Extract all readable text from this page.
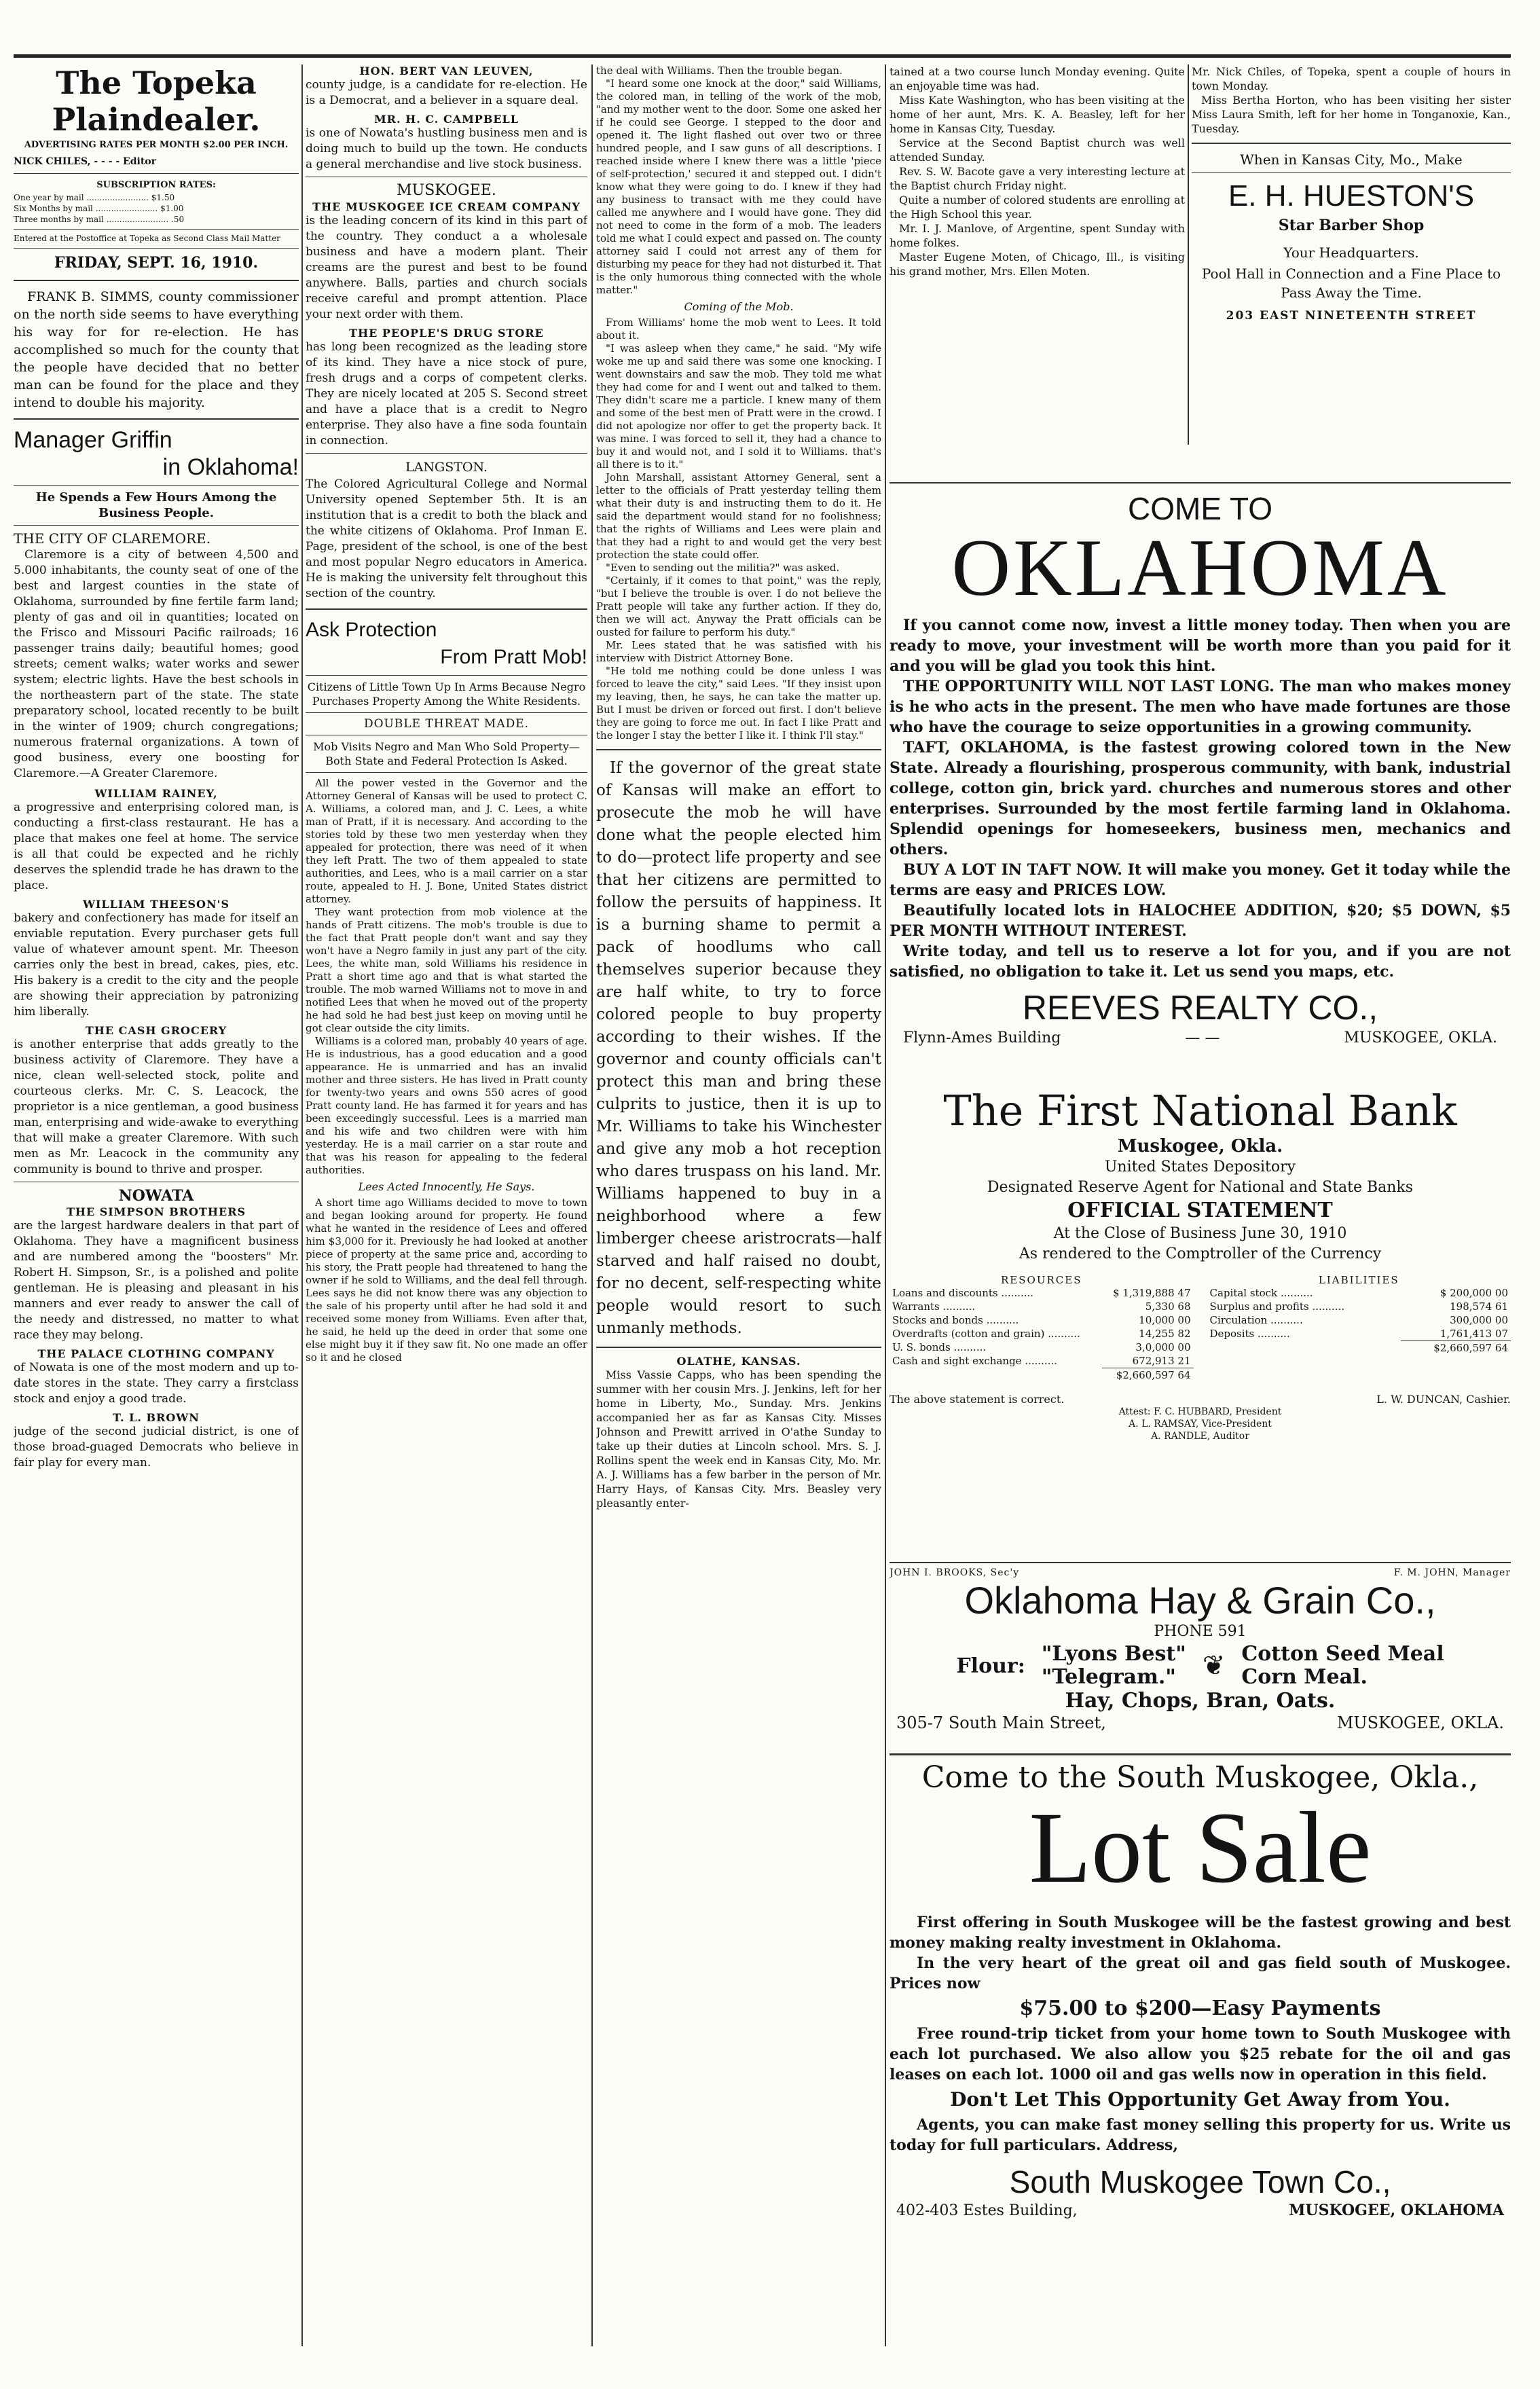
The Topeka Plaindealer.

ADVERTISING RATES PER MONTH $2.00 PER INCH.

NICK CHILES, - - - - Editor

SUBSCRIPTION RATES:

One year by mail ........................ $1.50

Six Months by mail ........................ $1.00

Three months by mail ........................ .50

Entered at the Postoffice at Topeka as Second Class Mail Matter

FRIDAY, SEPT. 16, 1910.

FRANK B. SIMMS, county commissioner on the north side seems to have everything his way for for re-election. He has accomplished so much for the county that the people have decided that no better man can be found for the place and they intend to double his majority.

Manager Griffin

in Oklahoma!

He Spends a Few Hours Among the Business People.

THE CITY OF CLAREMORE.

Claremore is a city of between 4,500 and 5.000 inhabitants, the county seat of one of the best and largest counties in the state of Oklahoma, surrounded by fine fertile farm land; plenty of gas and oil in quantities; located on the Frisco and Missouri Pacific railroads; 16 passenger trains daily; beautiful homes; good streets; cement walks; water works and sewer system; electric lights. Have the best schools in the northeastern part of the state. The state preparatory school, located recently to be built in the winter of 1909; church congregations; numerous fraternal organizations. A town of good business, every one boosting for Claremore.—A Greater Claremore.

WILLIAM RAINEY,

a progressive and enterprising colored man, is conducting a first-class restaurant. He has a place that makes one feel at home. The service is all that could be expected and he richly deserves the splendid trade he has drawn to the place.

WILLIAM THEESON'S

bakery and confectionery has made for itself an enviable reputation. Every purchaser gets full value of whatever amount spent. Mr. Theeson carries only the best in bread, cakes, pies, etc. His bakery is a credit to the city and the people are showing their appreciation by patronizing him liberally.

THE CASH GROCERY

is another enterprise that adds greatly to the business activity of Claremore. They have a nice, clean well-selected stock, polite and courteous clerks. Mr. C. S. Leacock, the proprietor is a nice gentleman, a good business man, enterprising and wide-awake to everything that will make a greater Claremore. With such men as Mr. Leacock in the community any community is bound to thrive and prosper.

NOWATA

THE SIMPSON BROTHERS

are the largest hardware dealers in that part of Oklahoma. They have a magnificent business and are numbered among the "boosters" Mr. Robert H. Simpson, Sr., is a polished and polite gentleman. He is pleasing and pleasant in his manners and ever ready to answer the call of the needy and distressed, no matter to what race they may belong.

THE PALACE CLOTHING COMPANY

of Nowata is one of the most modern and up to-date stores in the state. They carry a firstclass stock and enjoy a good trade.

T. L. BROWN

judge of the second judicial district, is one of those broad-guaged Democrats who believe in fair play for every man.

HON. BERT VAN LEUVEN,

county judge, is a candidate for re-election. He is a Democrat, and a believer in a square deal.

MR. H. C. CAMPBELL

is one of Nowata's hustling business men and is doing much to build up the town. He conducts a general merchandise and live stock business.

MUSKOGEE.

THE MUSKOGEE ICE CREAM COMPANY

is the leading concern of its kind in this part of the country. They conduct a a wholesale business and have a modern plant. Their creams are the purest and best to be found anywhere. Balls, parties and church socials receive careful and prompt attention. Place your next order with them.

THE PEOPLE'S DRUG STORE

has long been recognized as the leading store of its kind. They have a nice stock of pure, fresh drugs and a corps of competent clerks. They are nicely located at 205 S. Second street and have a place that is a credit to Negro enterprise. They also have a fine soda fountain in connection.

LANGSTON.

The Colored Agricultural College and Normal University opened September 5th. It is an institution that is a credit to both the black and the white citizens of Oklahoma. Prof Inman E. Page, president of the school, is one of the best and most popular Negro educators in America. He is making the university felt throughout this section of the country.

Ask Protection

From Pratt Mob!

Citizens of Little Town Up In Arms Because Negro Purchases Property Among the White Residents.

DOUBLE THREAT MADE.

Mob Visits Negro and Man Who Sold Property— Both State and Federal Protection Is Asked.

All the power vested in the Governor and the Attorney General of Kansas will be used to protect C. A. Williams, a colored man, and J. C. Lees, a white man of Pratt, if it is necessary. And according to the stories told by these two men yesterday when they appealed for protection, there was need of it when they left Pratt. The two of them appealed to state authorities, and Lees, who is a mail carrier on a star route, appealed to H. J. Bone, United States district attorney.

They want protection from mob violence at the hands of Pratt citizens. The mob's trouble is due to the fact that Pratt people don't want and say they won't have a Negro family in just any part of the city. Lees, the white man, sold Williams his residence in Pratt a short time ago and that is what started the trouble. The mob warned Williams not to move in and notified Lees that when he moved out of the property he had sold he had best just keep on moving until he got clear outside the city limits.

Williams is a colored man, probably 40 years of age. He is industrious, has a good education and a good appearance. He is unmarried and has an invalid mother and three sisters. He has lived in Pratt county for twenty-two years and owns 550 acres of good Pratt county land. He has farmed it for years and has been exceedingly successful. Lees is a married man and his wife and two children were with him yesterday. He is a mail carrier on a star route and that was his reason for appealing to the federal authorities.

Lees Acted Innocently, He Says.

A short time ago Williams decided to move to town and began looking around for property. He found what he wanted in the residence of Lees and offered him $3,000 for it. Previously he had looked at another piece of property at the same price and, according to his story, the Pratt people had threatened to hang the owner if he sold to Williams, and the deal fell through. Lees says he did not know there was any objection to the sale of his property until after he had sold it and received some money from Williams. Even after that, he said, he held up the deed in order that some one else might buy it if they saw fit. No one made an offer so it and he closed

the deal with Williams. Then the trouble began.

"I heard some one knock at the door," said Williams, the colored man, in telling of the work of the mob, "and my mother went to the door. Some one asked her if he could see George. I stepped to the door and opened it. The light flashed out over two or three hundred people, and I saw guns of all descriptions. I reached inside where I knew there was a little 'piece of self-protection,' secured it and stepped out. I didn't know what they were going to do. I knew if they had any business to transact with me they could have called me anywhere and I would have gone. They did not need to come in the form of a mob. The leaders told me what I could expect and passed on. The county attorney said I could not arrest any of them for disturbing my peace for they had not disturbed it. That is the only humorous thing connected with the whole matter."

Coming of the Mob.

From Williams' home the mob went to Lees. It told about it.

"I was asleep when they came," he said. "My wife woke me up and said there was some one knocking. I went downstairs and saw the mob. They told me what they had come for and I went out and talked to them. They didn't scare me a particle. I knew many of them and some of the best men of Pratt were in the crowd. I did not apologize nor offer to get the property back. It was mine. I was forced to sell it, they had a chance to buy it and would not, and I sold it to Williams. that's all there is to it."

John Marshall, assistant Attorney General, sent a letter to the officials of Pratt yesterday telling them what their duty is and instructing them to do it. He said the department would stand for no foolishness; that the rights of Williams and Lees were plain and that they had a right to and would get the very best protection the state could offer.

"Even to sending out the militia?" was asked.

"Certainly, if it comes to that point," was the reply, "but I believe the trouble is over. I do not believe the Pratt people will take any further action. If they do, then we will act. Anyway the Pratt officials can be ousted for failure to perform his duty."

Mr. Lees stated that he was satisfied with his interview with District Attorney Bone.

"He told me nothing could be done unless I was forced to leave the city," said Lees. "If they insist upon my leaving, then, he says, he can take the matter up. But I must be driven or forced out first. I don't believe they are going to force me out. In fact I like Pratt and the longer I stay the better I like it. I think I'll stay."

If the governor of the great state of Kansas will make an effort to prosecute the mob he will have done what the people elected him to do—protect life property and see that her citizens are permitted to follow the persuits of happiness. It is a burning shame to permit a pack of hoodlums who call themselves superior because they are half white, to try to force colored people to buy property according to their wishes. If the governor and county officials can't protect this man and bring these culprits to justice, then it is up to Mr. Williams to take his Winchester and give any mob a hot reception who dares truspass on his land. Mr. Williams happened to buy in a neighborhood where a few limberger cheese aristrocrats—half starved and half raised no doubt, for no decent, self-respecting white people would resort to such unmanly methods.

OLATHE, KANSAS.

Miss Vassie Capps, who has been spending the summer with her cousin Mrs. J. Jenkins, left for her home in Liberty, Mo., Sunday. Mrs. Jenkins accompanied her as far as Kansas City. Misses Johnson and Prewitt arrived in O'athe Sunday to take up their duties at Lincoln school. Mrs. S. J. Rollins spent the week end in Kansas City, Mo. Mr. A. J. Williams has a few barber in the person of Mr. Harry Hays, of Kansas City. Mrs. Beasley very pleasantly enter-

tained at a two course lunch Monday evening. Quite an enjoyable time was had.

Miss Kate Washington, who has been visiting at the home of her aunt, Mrs. K. A. Beasley, left for her home in Kansas City, Tuesday.

Service at the Second Baptist church was well attended Sunday.

Rev. S. W. Bacote gave a very interesting lecture at the Baptist church Friday night.

Quite a number of colored students are enrolling at the High School this year.

Mr. I. J. Manlove, of Argentine, spent Sunday with home folkes.

Master Eugene Moten, of Chicago, Ill., is visiting his grand mother, Mrs. Ellen Moten.

Mr. Nick Chiles, of Topeka, spent a couple of hours in town Monday.

Miss Bertha Horton, who has been visiting her sister Miss Laura Smith, left for her home in Tonganoxie, Kan., Tuesday.

When in Kansas City, Mo., Make

E. H. HUESTON'S

Star Barber Shop

Your Headquarters.

Pool Hall in Connection and a Fine Place to Pass Away the Time.

203 EAST NINETEENTH STREET

COME TO

OKLAHOMA

If you cannot come now, invest a little money today. Then when you are ready to move, your investment will be worth more than you paid for it and you will be glad you took this hint.

THE OPPORTUNITY WILL NOT LAST LONG. The man who makes money is he who acts in the present. The men who have made fortunes are those who have the courage to seize opportunities in a growing community.

TAFT, OKLAHOMA, is the fastest growing colored town in the New State. Already a flourishing, prosperous community, with bank, industrial college, cotton gin, brick yard. churches and numerous stores and other enterprises. Surrounded by the most fertile farming land in Oklahoma. Splendid openings for homeseekers, business men, mechanics and others.

BUY A LOT IN TAFT NOW. It will make you money. Get it today while the terms are easy and PRICES LOW.

Beautifully located lots in HALOCHEE ADDITION, $20; $5 DOWN, $5 PER MONTH WITHOUT INTEREST.

Write today, and tell us to reserve a lot for you, and if you are not satisfied, no obligation to take it. Let us send you maps, etc.

REEVES REALTY CO.,

Flynn-Ames Building	— —	MUSKOGEE, OKLA.

The First National Bank

Muskogee, Okla.

United States Depository

Designated Reserve Agent for National and State Banks

OFFICIAL STATEMENT

At the Close of Business June 30, 1910

As rendered to the Comptroller of the Currency

RESOURCES

Loans and discounts ..........	$ 1,319,888 47
Warrants ..........	5,330 68
Stocks and bonds ..........	10,000 00
Overdrafts (cotton and grain) ..........	14,255 82
U. S. bonds ..........	3,0,000 00
Cash and sight exchange ..........	672,913 21
	$2,660,597 64

LIABILITIES

Capital stock ..........	$ 200,000 00
Surplus and profits ..........	198,574 61
Circulation ..........	300,000 00
Deposits ..........	1,761,413 07
	$2,660,597 64
The above statement is correct.	L. W. DUNCAN, Cashier.

Attest: F. C. HUBBARD, President
A. L. RAMSAY, Vice-President
A. RANDLE, Auditor

JOHN I. BROOKS, Sec'y	F. M. JOHN, Manager

Oklahoma Hay & Grain Co.,

PHONE 591

Flour: "Lyons Best"

"Telegram." ❦ Cotton Seed Meal

Corn Meal.

Hay, Chops, Bran, Oats.

305-7 South Main Street,	MUSKOGEE, OKLA.

Come to the South Muskogee, Okla.,

Lot Sale

First offering in South Muskogee will be the fastest growing and best money making realty investment in Oklahoma.

In the very heart of the great oil and gas field south of Muskogee. Prices now

$75.00 to $200—Easy Payments

Free round-trip ticket from your home town to South Muskogee with each lot purchased. We also allow you $25 rebate for the oil and gas leases on each lot. 1000 oil and gas wells now in operation in this field.

Don't Let This Opportunity Get Away from You.

Agents, you can make fast money selling this property for us. Write us today for full particulars. Address,

South Muskogee Town Co.,

402-403 Estes Building,	MUSKOGEE, OKLAHOMA
